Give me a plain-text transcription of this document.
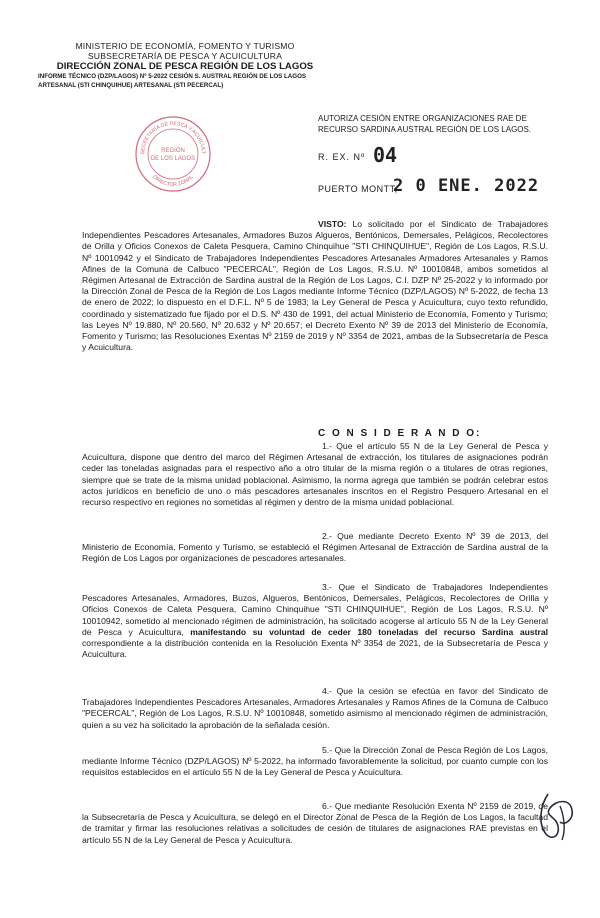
MINISTERIO DE ECONOMÍA, FOMENTO Y TURISMO
SUBSECRETARÍA DE PESCA Y ACUICULTURA
DIRECCIÓN ZONAL DE PESCA REGIÓN DE LOS LAGOS
INFORME TÉCNICO (DZP/LAGOS) Nº 5-2022 CESIÓN S. AUSTRAL REGIÓN DE LOS LAGOS
ARTESANAL (STI CHINQUIHUE) ARTESANAL (STI PECERCAL)
SECRETARÍA DE PESCA Y ACUICULT
REGIÓN
DE LOS LAGOS
DIRECTOR ZONAL
AUTORIZA CESIÓN ENTRE ORGANIZACIONES RAE DE RECURSO SARDINA AUSTRAL REGIÓN DE LOS LAGOS.
R. EX. Nº 04
PUERTO MONTT,
2 0 ENE. 2022
VISTO: Lo solicitado por el Sindicato de Trabajadores Independientes Pescadores Artesanales, Armadores Buzos Algueros, Bentónicos, Demersales, Pelágicos, Recolectores de Orilla y Oficios Conexos de Caleta Pesquera, Camino Chinquihue "STI CHINQUIHUE", Región de Los Lagos, R.S.U. Nº 10010942 y el Sindicato de Trabajadores Independientes Pescadores Artesanales Armadores Artesanales y Ramos Afines de la Comuna de Calbuco "PECERCAL", Región de Los Lagos, R.S.U. Nº 10010848, ambos sometidos al Régimen Artesanal de Extracción de Sardina austral de la Región de Los Lagos, C.I. DZP Nº 25-2022 y lo informado por la Dirección Zonal de Pesca de la Región de Los Lagos mediante Informe Técnico (DZP/LAGOS) Nº 5-2022, de fecha 13 de enero de 2022; lo dispuesto en el D.F.L. Nº 5 de 1983; la Ley General de Pesca y Acuicultura, cuyo texto refundido, coordinado y sistematizado fue fijado por el D.S. Nº 430 de 1991, del actual Ministerio de Economía, Fomento y Turismo; las Leyes Nº 19.880, Nº 20.560, Nº 20.632 y Nº 20.657; el Decreto Exento Nº 39 de 2013 del Ministerio de Economía, Fomento y Turismo; las Resoluciones Exentas Nº 2159 de 2019 y Nº 3354 de 2021, ambas de la Subsecretaría de Pesca y Acuicultura.
C O N S I D E R A N D O:
1.- Que el artículo 55 N de la Ley General de Pesca y Acuicultura, dispone que dentro del marco del Régimen Artesanal de extracción, los titulares de asignaciones podrán ceder las toneladas asignadas para el respectivo año a otro titular de la misma región o a titulares de otras regiones, siempre que se trate de la misma unidad poblacional. Asimismo, la norma agrega que también se podrán celebrar estos actos jurídicos en beneficio de uno o más pescadores artesanales inscritos en el Registro Pesquero Artesanal en el recurso respectivo en regiones no sometidas al régimen y dentro de la misma unidad poblacional.
2.- Que mediante Decreto Exento Nº 39 de 2013, del Ministerio de Economía, Fomento y Turismo, se estableció el Régimen Artesanal de Extracción de Sardina austral de la Región de Los Lagos por organizaciones de pescadores artesanales.
3.- Que el Sindicato de Trabajadores Independientes Pescadores Artesanales, Armadores, Buzos, Algueros, Bentónicos, Demersales, Pelágicos, Recolectores de Orilla y Oficios Conexos de Caleta Pesquera, Camino Chinquihue "STI CHINQUIHUE", Región de Los Lagos, R.S.U. Nº 10010942, sometido al mencionado régimen de administración, ha solicitado acogerse al artículo 55 N de la Ley General de Pesca y Acuicultura, manifestando su voluntad de ceder 180 toneladas del recurso Sardina austral correspondiente a la distribución contenida en la Resolución Exenta Nº 3354 de 2021, de la Subsecretaría de Pesca y Acuicultura.
4.- Que la cesión se efectúa en favor del Sindicato de Trabajadores Independientes Pescadores Artesanales, Armadores Artesanales y Ramos Afines de la Comuna de Calbuco "PECERCAL", Región de Los Lagos, R.S.U. Nº 10010848, sometido asimismo al mencionado régimen de administración, quien a su vez ha solicitado la aprobación de la señalada cesión.
5.- Que la Dirección Zonal de Pesca Región de Los Lagos, mediante Informe Técnico (DZP/LAGOS) Nº 5-2022, ha informado favorablemente la solicitud, por cuanto cumple con los requisitos establecidos en el artículo 55 N de la Ley General de Pesca y Acuicultura.
6.- Que mediante Resolución Exenta Nº 2159 de 2019, de la Subsecretaría de Pesca y Acuicultura, se delegó en el Director Zonal de Pesca de la Región de Los Lagos, la facultad de tramitar y firmar las resoluciones relativas a solicitudes de cesión de titulares de asignaciones RAE previstas en el artículo 55 N de la Ley General de Pesca y Acuicultura.
